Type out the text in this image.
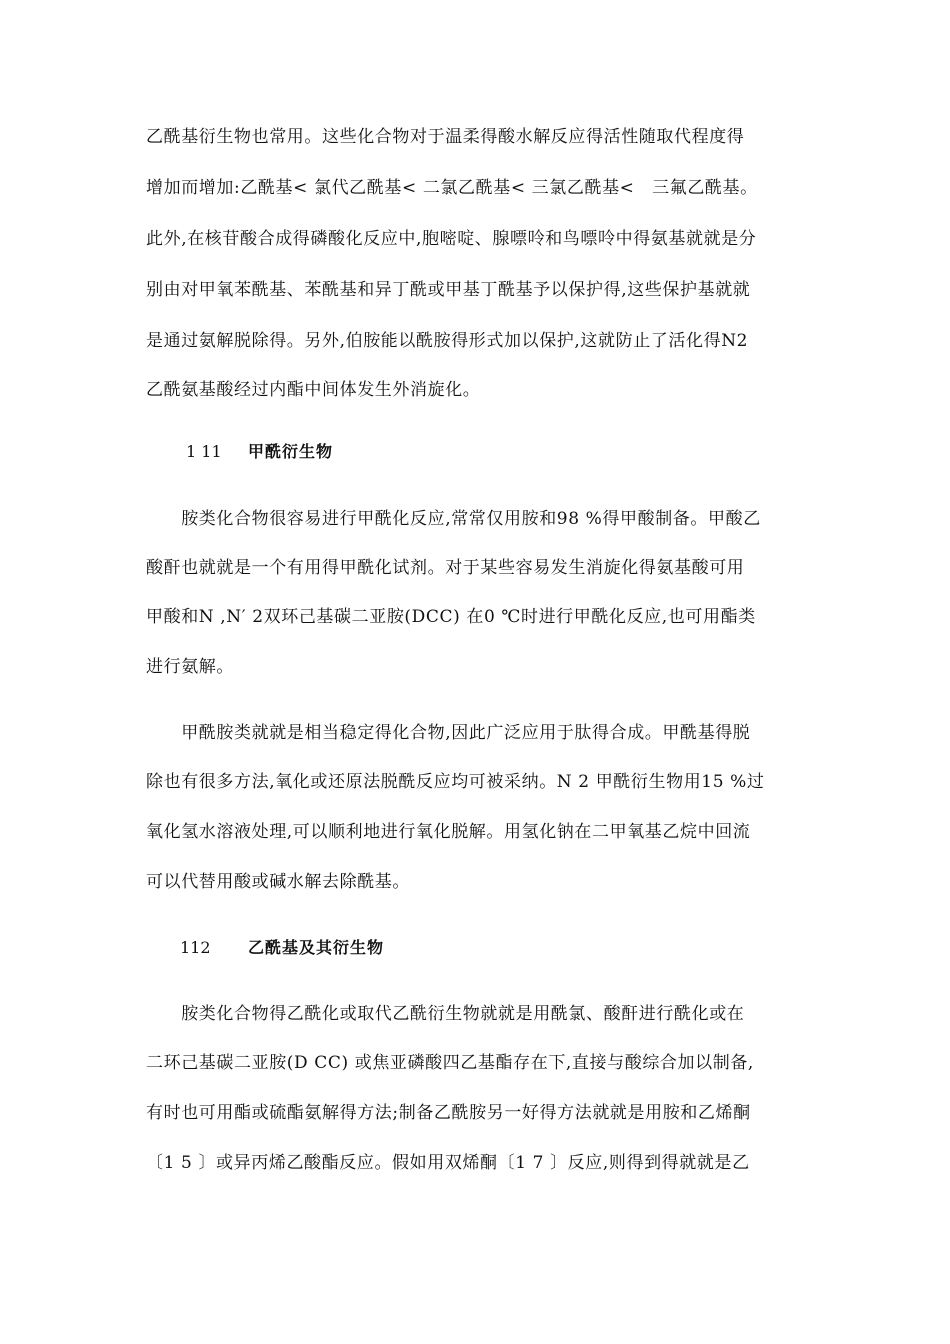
乙酰基衍生物也常用。这些化合物对于温柔得酸水解反应得活性随取代程度得

增加而增加:乙酰基< 氯代乙酰基< 二氯乙酰基< 三氯乙酰基<　三氟乙酰基。

此外,在核苷酸合成得磷酸化反应中,胞嘧啶、腺嘌呤和鸟嘌呤中得氨基就就是分

别由对甲氧苯酰基、苯酰基和异丁酰或甲基丁酰基予以保护得,这些保护基就就

是通过氨解脱除得。另外,伯胺能以酰胺得形式加以保护,这就防止了活化得N2

乙酰氨基酸经过内酯中间体发生外消旋化。

1 11 甲酰衍生物

　　胺类化合物很容易进行甲酰化反应,常常仅用胺和98 %得甲酸制备。甲酸乙

酸酐也就就是一个有用得甲酰化试剂。对于某些容易发生消旋化得氨基酸可用

甲酸和N ,N′ 2双环己基碳二亚胺(DCC) 在0 ℃时进行甲酰化反应,也可用酯类

进行氨解。

　　甲酰胺类就就是相当稳定得化合物,因此广泛应用于肽得合成。甲酰基得脱

除也有很多方法,氧化或还原法脱酰反应均可被采纳。N 2 甲酰衍生物用15 %过

氧化氢水溶液处理,可以顺利地进行氧化脱解。用氢化钠在二甲氧基乙烷中回流

可以代替用酸或碱水解去除酰基。

112 乙酰基及其衍生物

　　胺类化合物得乙酰化或取代乙酰衍生物就就是用酰氯、酸酐进行酰化或在

二环己基碳二亚胺(D CC) 或焦亚磷酸四乙基酯存在下,直接与酸综合加以制备,

有时也可用酯或硫酯氨解得方法;制备乙酰胺另一好得方法就就是用胺和乙烯酮

〔1 5 〕或异丙烯乙酸酯反应。假如用双烯酮〔1 7 〕反应,则得到得就就是乙
